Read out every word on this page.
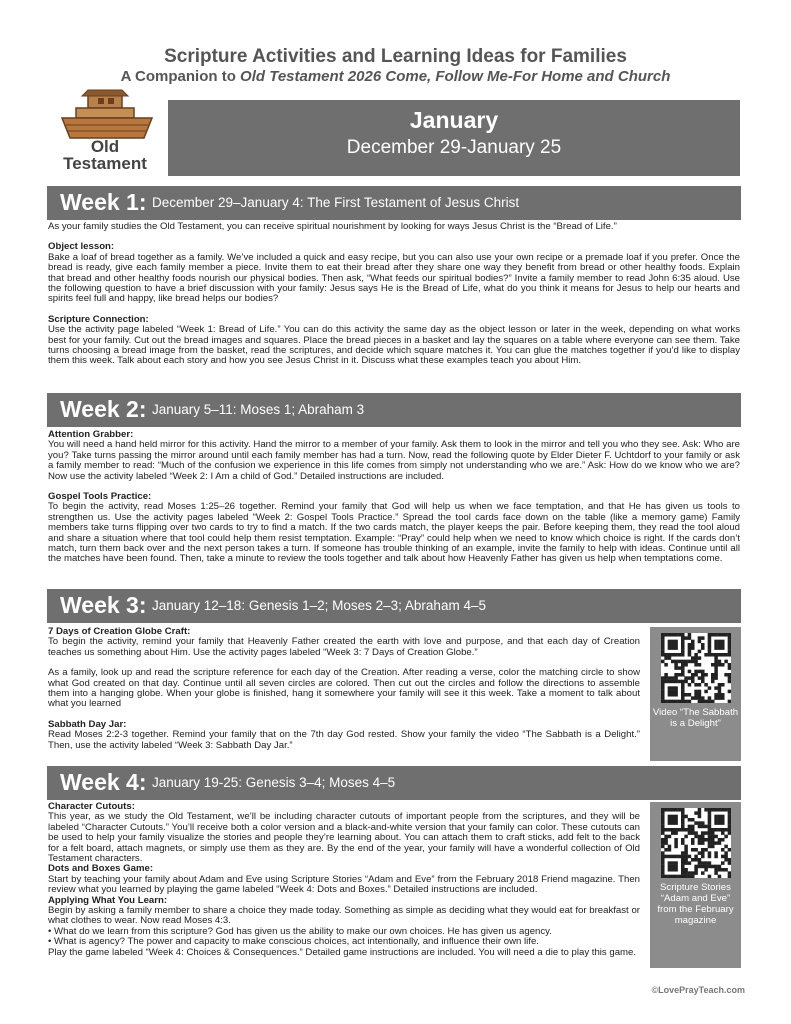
Scripture Activities and Learning Ideas for Families
A Companion to Old Testament 2026 Come, Follow Me-For Home and Church
Old
Testament
January
December 29-January 25
Week 1: December 29–January 4: The First Testament of Jesus Christ

As your family studies the Old Testament, you can receive spiritual nourishment by looking for ways Jesus Christ is the “Bread of Life.”

Object lesson:
Bake a loaf of bread together as a family. We’ve included a quick and easy recipe, but you can also use your own recipe or a premade loaf if you prefer. Once the bread is ready, give each family member a piece. Invite them to eat their bread after they share one way they benefit from bread or other healthy foods. Explain that bread and other healthy foods nourish our physical bodies. Then ask, “What feeds our spiritual bodies?” Invite a family member to read John 6:35 aloud. Use the following question to have a brief discussion with your family: Jesus says He is the Bread of Life, what do you think it means for Jesus to help our hearts and spirits feel full and happy, like bread helps our bodies?

Scripture Connection:
Use the activity page labeled “Week 1: Bread of Life.” You can do this activity the same day as the object lesson or later in the week, depending on what works best for your family. Cut out the bread images and squares. Place the bread pieces in a basket and lay the squares on a table where everyone can see them. Take turns choosing a bread image from the basket, read the scriptures, and decide which square matches it. You can glue the matches together if you’d like to display them this week. Talk about each story and how you see Jesus Christ in it. Discuss what these examples teach you about Him.

Week 2: January 5–11: Moses 1; Abraham 3

Attention Grabber:
You will need a hand held mirror for this activity. Hand the mirror to a member of your family. Ask them to look in the mirror and tell you who they see. Ask: Who are you? Take turns passing the mirror around until each family member has had a turn. Now, read the following quote by Elder Dieter F. Uchtdorf to your family or ask a family member to read: “Much of the confusion we experience in this life comes from simply not understanding who we are.” Ask: How do we know who we are? Now use the activity labeled “Week 2: I Am a child of God.” Detailed instructions are included.

Gospel Tools Practice:
To begin the activity, read Moses 1:25–26 together. Remind your family that God will help us when we face temptation, and that He has given us tools to strengthen us. Use the activity pages labeled “Week 2: Gospel Tools Practice.” Spread the tool cards face down on the table (like a memory game) Family members take turns flipping over two cards to try to find a match. If the two cards match, the player keeps the pair. Before keeping them, they read the tool aloud and share a situation where that tool could help them resist temptation. Example: “Pray” could help when we need to know which choice is right. If the cards don’t match, turn them back over and the next person takes a turn. If someone has trouble thinking of an example, invite the family to help with ideas. Continue until all the matches have been found. Then, take a minute to review the tools together and talk about how Heavenly Father has given us help when temptations come.

Week 3: January 12–18: Genesis 1–2; Moses 2–3; Abraham 4–5

7 Days of Creation Globe Craft:
To begin the activity, remind your family that Heavenly Father created the earth with love and purpose, and that each day of Creation teaches us something about Him. Use the activity pages labeled “Week 3: 7 Days of Creation Globe.”

As a family, look up and read the scripture reference for each day of the Creation. After reading a verse, color the matching circle to show what God created on that day. Continue until all seven circles are colored. Then cut out the circles and follow the directions to assemble them into a hanging globe. When your globe is finished, hang it somewhere your family will see it this week. Take a moment to talk about what you learned

Sabbath Day Jar:
Read Moses 2:2-3 together. Remind your family that on the 7th day God rested. Show your family the video “The Sabbath is a Delight.” Then, use the activity labeled “Week 3: Sabbath Day Jar.”

Video “The Sabbath is a Delight”
Week 4: January 19-25: Genesis 3–4; Moses 4–5

Character Cutouts:
This year, as we study the Old Testament, we’ll be including character cutouts of important people from the scriptures, and they will be labeled “Character Cutouts.” You’ll receive both a color version and a black-and-white version that your family can color. These cutouts can be used to help your family visualize the stories and people they’re learning about. You can attach them to craft sticks, add felt to the back for a felt board, attach magnets, or simply use them as they are. By the end of the year, your family will have a wonderful collection of Old Testament characters.

Dots and Boxes Game:
Start by teaching your family about Adam and Eve using Scripture Stories “Adam and Eve” from the February 2018 Friend magazine. Then review what you learned by playing the game labeled “Week 4: Dots and Boxes.” Detailed instructions are included.

Applying What You Learn:
Begin by asking a family member to share a choice they made today. Something as simple as deciding what they would eat for breakfast or what clothes to wear. Now read Moses 4:3.

• What do we learn from this scripture? God has given us the ability to make our own choices. He has given us agency.

• What is agency? The power and capacity to make conscious choices, act intentionally, and influence their own life.

Play the game labeled “Week 4: Choices & Consequences.” Detailed game instructions are included. You will need a die to play this game.

Scripture Stories “Adam and Eve” from the February magazine
©LovePrayTeach.com
